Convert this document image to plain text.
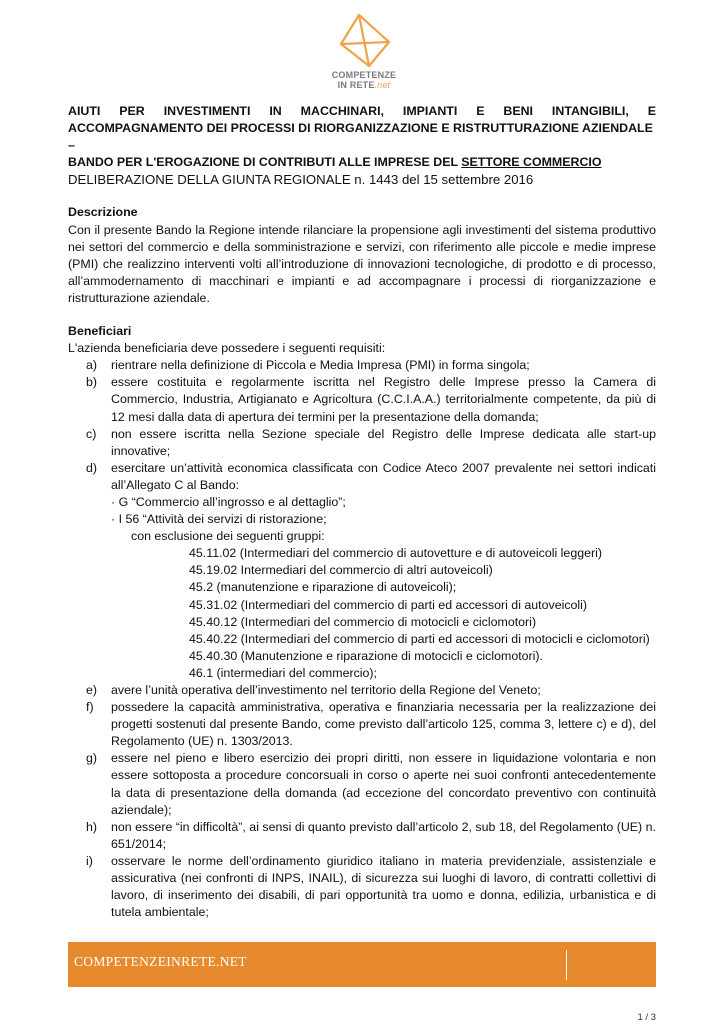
COMPETENZE
IN RETE.net
AIUTI PER INVESTIMENTI IN MACCHINARI, IMPIANTI E BENI INTANGIBILI, E
ACCOMPAGNAMENTO DEI PROCESSI DI RIORGANIZZAZIONE E RISTRUTTURAZIONE AZIENDALE
–
BANDO PER L'EROGAZIONE DI CONTRIBUTI ALLE IMPRESE DEL SETTORE COMMERCIO
DELIBERAZIONE DELLA GIUNTA REGIONALE n. 1443 del 15 settembre 2016

Descrizione

Con il presente Bando la Regione intende rilanciare la propensione agli investimenti del sistema produttivo nei settori del commercio e della somministrazione e servizi, con riferimento alle piccole e medie imprese (PMI) che realizzino interventi volti all’introduzione di innovazioni tecnologiche, di prodotto e di processo, all’ammodernamento di macchinari e impianti e ad accompagnare i processi di riorganizzazione e ristrutturazione aziendale.

Beneficiari

L'azienda beneficiaria deve possedere i seguenti requisiti:

a) rientrare nella definizione di Piccola e Media Impresa (PMI) in forma singola;
b) essere costituita e regolarmente iscritta nel Registro delle Imprese presso la Camera di Commercio, Industria, Artigianato e Agricoltura (C.C.I.A.A.) territorialmente competente, da più di 12 mesi dalla data di apertura dei termini per la presentazione della domanda;
c) non essere iscritta nella Sezione speciale del Registro delle Imprese dedicata alle start-up innovative;
d) esercitare un’attività economica classificata con Codice Ateco 2007 prevalente nei settori indicati all’Allegato C al Bando:
· G “Commercio all’ingrosso e al dettaglio”;
· I 56 “Attività dei servizi di ristorazione;
con esclusione dei seguenti gruppi:
45.11.02 (Intermediari del commercio di autovetture e di autoveicoli leggeri)
45.19.02 Intermediari del commercio di altri autoveicoli)
45.2 (manutenzione e riparazione di autoveicoli);
45.31.02 (Intermediari del commercio di parti ed accessori di autoveicoli)
45.40.12 (Intermediari del commercio di motocicli e ciclomotori)
45.40.22 (Intermediari del commercio di parti ed accessori di motocicli e ciclomotori)
45.40.30 (Manutenzione e riparazione di motocicli e ciclomotori).
46.1 (intermediari del commercio);
e) avere l’unità operativa dell’investimento nel territorio della Regione del Veneto;
f) possedere la capacità amministrativa, operativa e finanziaria necessaria per la realizzazione dei progetti sostenuti dal presente Bando, come previsto dall’articolo 125, comma 3, lettere c) e d), del Regolamento (UE) n. 1303/2013.
g) essere nel pieno e libero esercizio dei propri diritti, non essere in liquidazione volontaria e non essere sottoposta a procedure concorsuali in corso o aperte nei suoi confronti antecedentemente la data di presentazione della domanda (ad eccezione del concordato preventivo con continuità aziendale);
h) non essere “in difficoltà”, ai sensi di quanto previsto dall’articolo 2, sub 18, del Regolamento (UE) n. 651/2014;
i) osservare le norme dell’ordinamento giuridico italiano in materia previdenziale, assistenziale e assicurativa (nei confronti di INPS, INAIL), di sicurezza sui luoghi di lavoro, di contratti collettivi di lavoro, di inserimento dei disabili, di pari opportunità tra uomo e donna, edilizia, urbanistica e di tutela ambientale;
COMPETENZEINRETE.NET
1 / 3
